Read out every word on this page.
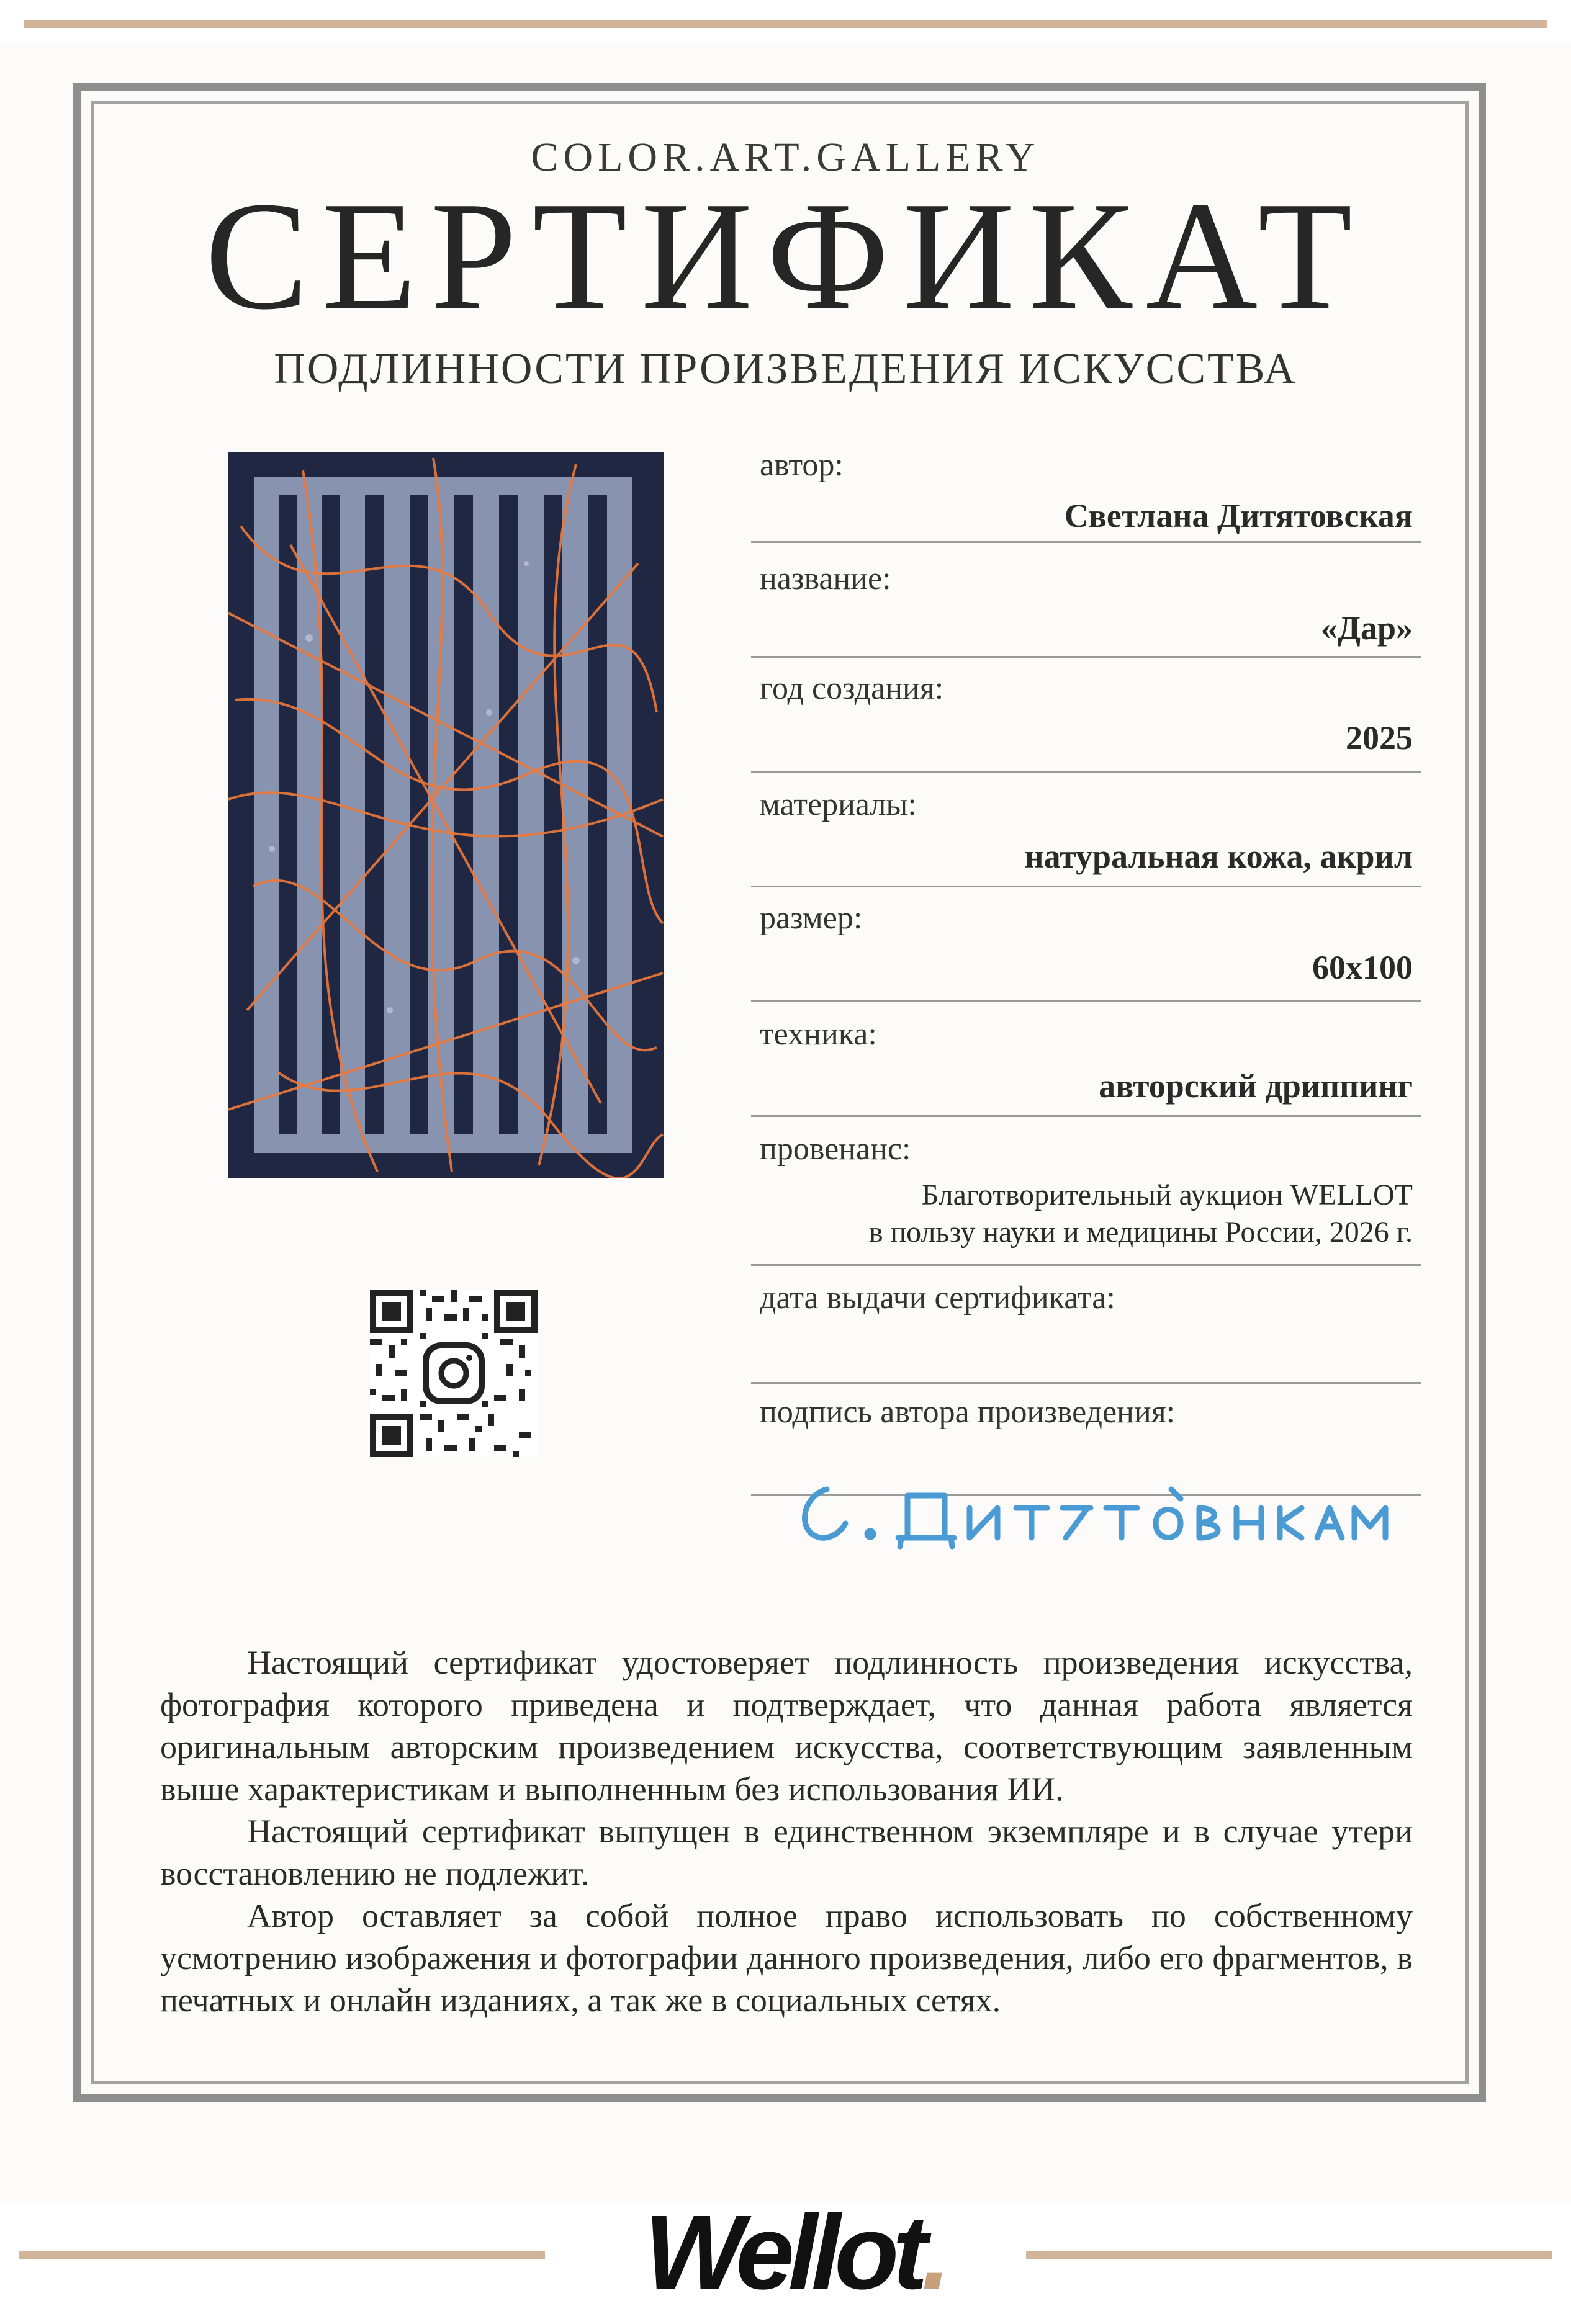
COLOR.ART.GALLERY
СЕРТИФИКАТ
ПОДЛИННОСТИ ПРОИЗВЕДЕНИЯ ИСКУССТВА
автор:
Светлана Дитятовская
название:
«Дар»
год создания:
2025
материалы:
натуральная кожа, акрил
размер:
60х100
техника:
авторский дриппинг
провенанс:
Благотворительный аукцион WELLOT
в пользу науки и медицины России, 2026 г.
дата выдачи сертификата:
подпись автора произведения:

Настоящий сертификат удостоверяет подлинность произведения искусства, фотография которого приведена и подтверждает, что данная работа является оригинальным авторским произведением искусства, соответствующим заявленным выше характеристикам и выполненным без использования ИИ.

Настоящий сертификат выпущен в единственном экземпляре и в случае утери восстановлению не подлежит.

Автор оставляет за собой полное право использовать по собственному усмотрению изображения и фотографии данного произведения, либо его фрагментов, в печатных и онлайн изданиях, а так же в социальных сетях.

Wellot.
